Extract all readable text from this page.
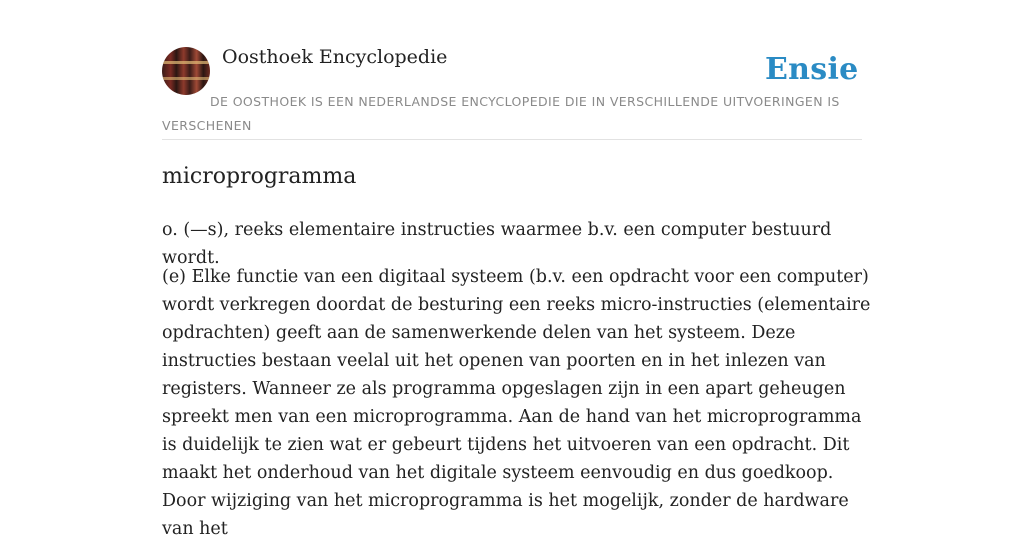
Oosthoek Encyclopedie	Ensie
DE OOSTHOEK IS EEN NEDERLANDSE ENCYCLOPEDIE DIE IN VERSCHILLENDE UITVOERINGEN IS VERSCHENEN
microprogramma

o. (—s), reeks elementaire instructies waarmee b.v. een computer bestuurd wordt.

(e) Elke functie van een digitaal systeem (b.v. een opdracht voor een computer) wordt verkregen doordat de besturing een reeks micro-instructies (elementaire opdrachten) geeft aan de samenwerkende delen van het systeem. Deze instructies bestaan veelal uit het openen van poorten en in het inlezen van registers. Wanneer ze als programma opgeslagen zijn in een apart geheugen spreekt men van een microprogramma. Aan de hand van het microprogramma is duidelijk te zien wat er gebeurt tijdens het uitvoeren van een opdracht. Dit maakt het onderhoud van het digitale systeem eenvoudig en dus goedkoop. Door wijziging van het microprogramma is het mogelijk, zonder de hardware van het
